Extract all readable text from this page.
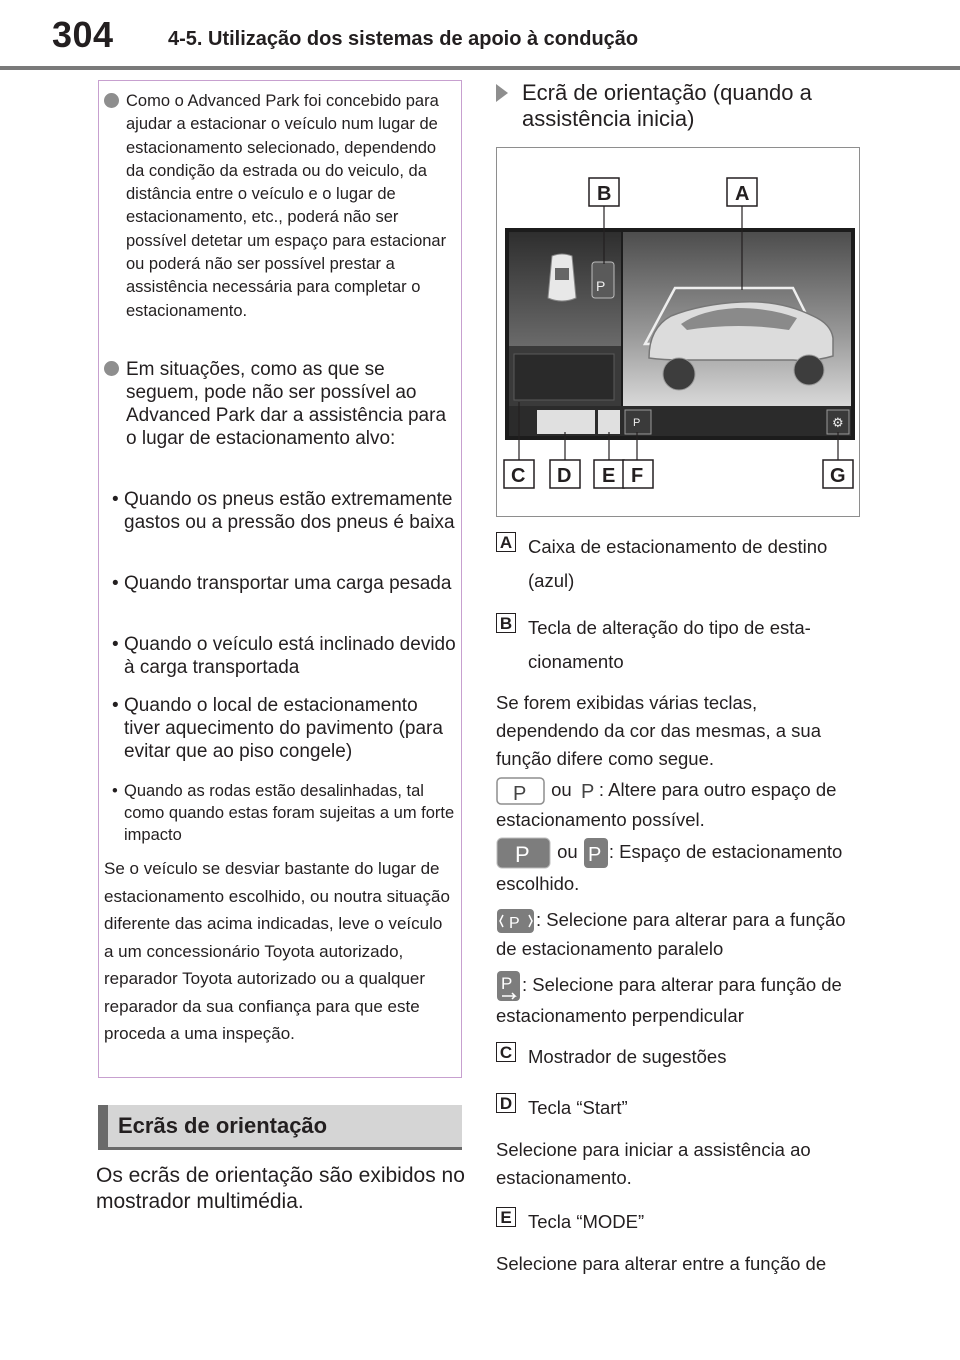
304	4-5. Utilização dos sistemas de apoio à condução
Como o Advanced Park foi concebido para ajudar a estacionar o veículo num lugar de estacionamento selecionado, dependendo da condição da estrada ou do veiculo, da distância entre o veículo e o lugar de estacionamento, etc., poderá não ser possível detetar um espaço para estacionar ou poderá não ser possível prestar a assistência necessária para completar o estacionamento.
Em situações, como as que se seguem, pode não ser possível ao Advanced Park dar a assistência para o lugar de estacionamento alvo:
• Quando os pneus estão extremamente gastos ou a pressão dos pneus é baixa
• Quando transportar uma carga pesada
• Quando o veículo está inclinado devido à carga transportada
• Quando o local de estacionamento tiver aquecimento do pavimento (para evitar que ao piso congele)
• Quando as rodas estão desalinhadas, tal como quando estas foram sujeitas a um forte impacto
Se o veículo se desviar bastante do lugar de estacionamento escolhido, ou noutra situação diferente das acima indicadas, leve o veículo a um concessionário Toyota autorizado, reparador Toyota autorizado ou a qualquer reparador da sua confiança para que este proceda a uma inspeção.
Ecrãs de orientação
Os ecrãs de orientação são exibidos no mostrador multimédia.
Ecrã de orientação (quando a assistência inicia)
P
P	⚙
B	A
C D E F	G
A Caixa de estacionamento de destino
(azul)
B Tecla de alteração do tipo de esta-
cionamento
Se forem exibidas várias teclas, dependendo da cor das mesmas, a sua função difere como segue.
P ou P : Altere para outro espaço de estacionamento possível.
P ou P : Espaço de estacionamento escolhido.
P : Selecione para alterar para a função de estacionamento paralelo
P : Selecione para alterar para função de estacionamento perpendicular
C Mostrador de sugestões
D Tecla “Start”
Selecione para iniciar a assistência ao estacionamento.
E Tecla “MODE”
Selecione para alterar entre a função de
